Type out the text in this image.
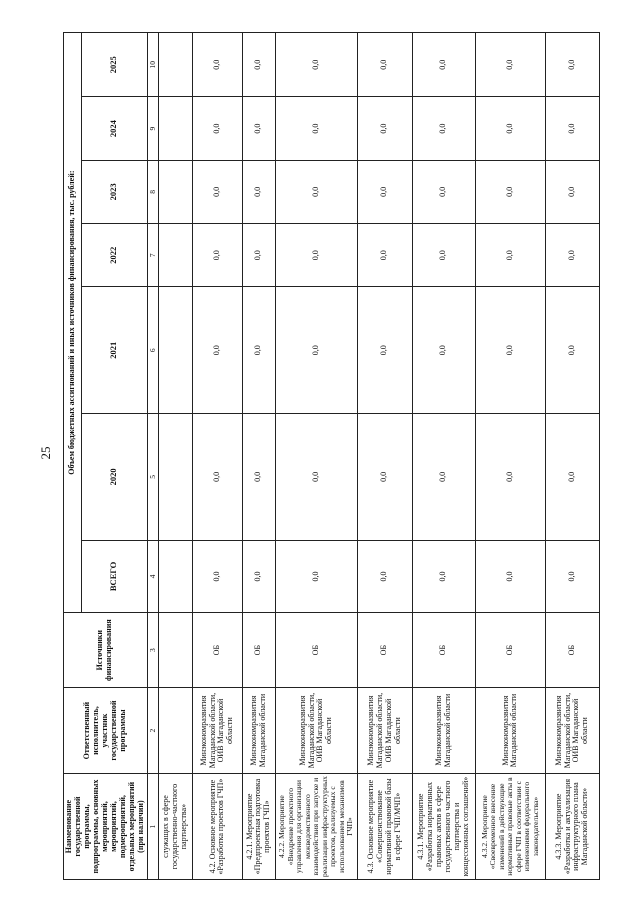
25
Наименование государственной программы, подпрограммы, основных мероприятий, мероприятий, подмероприятий, отдельных мероприятий (при наличии)	Ответственный исполнитель, участник государственной программы	Источники финансирования	Объем бюджетных ассигнований и иных источников финансирования, тыс. рублей:						
			ВСЕГО	2020	2021	2022	2023	2024	2025
1	2	3	4	5	6	7	8	9	10
служащих в сфере государственно-частного партнерства»									
4.2. Основное мероприятие «Разработка проектов ГЧП»	Минэкономразвития Магаданской области, ОИВ Магаданской области	ОБ	0,0	0,0	0,0	0,0	0,0	0,0	0,0
4.2.1. Мероприятие «Предпроектная подготовка проектов ГЧП»	Минэкономразвития Магаданской области	ОБ	0,0	0,0	0,0	0,0	0,0	0,0	0,0
4.2.2. Мероприятие «Внедрение проектного управления для организации межведомственного взаимодействия при запуске и реализации инфраструктурных проектов, реализуемых с использованием механизмов ГЧП»	Минэкономразвития Магаданской области, ОИВ Магаданской области	ОБ	0,0	0,0	0,0	0,0	0,0	0,0	0,0
4.3. Основное мероприятие «Совершенствование нормативной правовой базы в сфере ГЧП/МЧП»	Минэкономразвития Магаданской области, ОИВ Магаданской области	ОБ	0,0	0,0	0,0	0,0	0,0	0,0	0,0
4.3.1. Мероприятие «Разработка нормативных правовых актов в сфере государственного частного партнерства и концессионных соглашений»	Минэкономразвития Магаданской области	ОБ	0,0	0,0	0,0	0,0	0,0	0,0	0,0
4.3.2. Мероприятие «Своевременное внесение изменений в действующие нормативные правовые акты в сфере ГЧП в соответствии с изменениями федерального законодательства»	Минэкономразвития Магаданской области	ОБ	0,0	0,0	0,0	0,0	0,0	0,0	0,0
4.3.3. Мероприятие «Разработка и актуализация инфраструктурного плана Магаданской области»	Минэкономразвития Магаданской области, ОИВ Магаданской области	ОБ	0,0	0,0	0,0	0,0	0,0	0,0	0,0
